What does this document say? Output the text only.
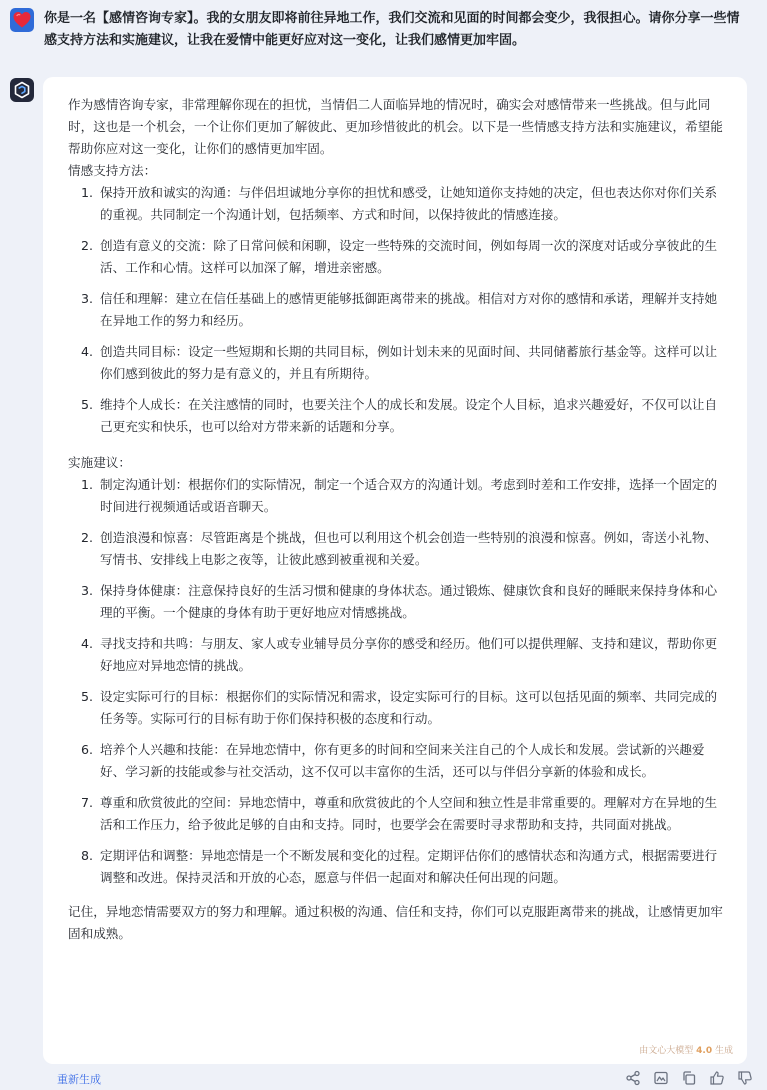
你是一名【感情咨询专家】。我的女朋友即将前往异地工作，我们交流和见面的时间都会变少，我很担心。请你分享一些情感支持方法和实施建议，让我在爱情中能更好应对这一变化，让我们感情更加牢固。

作为感情咨询专家，非常理解你现在的担忧，当情侣二人面临异地的情况时，确实会对感情带来一些挑战。但与此同时，这也是一个机会，一个让你们更加了解彼此、更加珍惜彼此的机会。以下是一些情感支持方法和实施建议，希望能帮助你应对这一变化，让你们的感情更加牢固。

情感支持方法：

1. 保持开放和诚实的沟通：与伴侣坦诚地分享你的担忧和感受，让她知道你支持她的决定，但也表达你对你们关系的重视。共同制定一个沟通计划，包括频率、方式和时间，以保持彼此的情感连接。
2. 创造有意义的交流：除了日常问候和闲聊，设定一些特殊的交流时间，例如每周一次的深度对话或分享彼此的生活、工作和心情。这样可以加深了解，增进亲密感。
3. 信任和理解：建立在信任基础上的感情更能够抵御距离带来的挑战。相信对方对你的感情和承诺，理解并支持她在异地工作的努力和经历。
4. 创造共同目标：设定一些短期和长期的共同目标，例如计划未来的见面时间、共同储蓄旅行基金等。这样可以让你们感到彼此的努力是有意义的，并且有所期待。
5. 维持个人成长：在关注感情的同时，也要关注个人的成长和发展。设定个人目标，追求兴趣爱好，不仅可以让自己更充实和快乐，也可以给对方带来新的话题和分享。

实施建议：

1. 制定沟通计划：根据你们的实际情况，制定一个适合双方的沟通计划。考虑到时差和工作安排，选择一个固定的时间进行视频通话或语音聊天。
2. 创造浪漫和惊喜：尽管距离是个挑战，但也可以利用这个机会创造一些特别的浪漫和惊喜。例如，寄送小礼物、写情书、安排线上电影之夜等，让彼此感到被重视和关爱。
3. 保持身体健康：注意保持良好的生活习惯和健康的身体状态。通过锻炼、健康饮食和良好的睡眠来保持身体和心理的平衡。一个健康的身体有助于更好地应对情感挑战。
4. 寻找支持和共鸣：与朋友、家人或专业辅导员分享你的感受和经历。他们可以提供理解、支持和建议，帮助你更好地应对异地恋情的挑战。
5. 设定实际可行的目标：根据你们的实际情况和需求，设定实际可行的目标。这可以包括见面的频率、共同完成的任务等。实际可行的目标有助于你们保持积极的态度和行动。
6. 培养个人兴趣和技能：在异地恋情中，你有更多的时间和空间来关注自己的个人成长和发展。尝试新的兴趣爱好、学习新的技能或参与社交活动，这不仅可以丰富你的生活，还可以与伴侣分享新的体验和成长。
7. 尊重和欣赏彼此的空间：异地恋情中，尊重和欣赏彼此的个人空间和独立性是非常重要的。理解对方在异地的生活和工作压力，给予彼此足够的自由和支持。同时，也要学会在需要时寻求帮助和支持，共同面对挑战。
8. 定期评估和调整：异地恋情是一个不断发展和变化的过程。定期评估你们的感情状态和沟通方式，根据需要进行调整和改进。保持灵活和开放的心态，愿意与伴侣一起面对和解决任何出现的问题。

记住，异地恋情需要双方的努力和理解。通过积极的沟通、信任和支持，你们可以克服距离带来的挑战，让感情更加牢固和成熟。

由文心大模型 4.0 生成
重新生成
